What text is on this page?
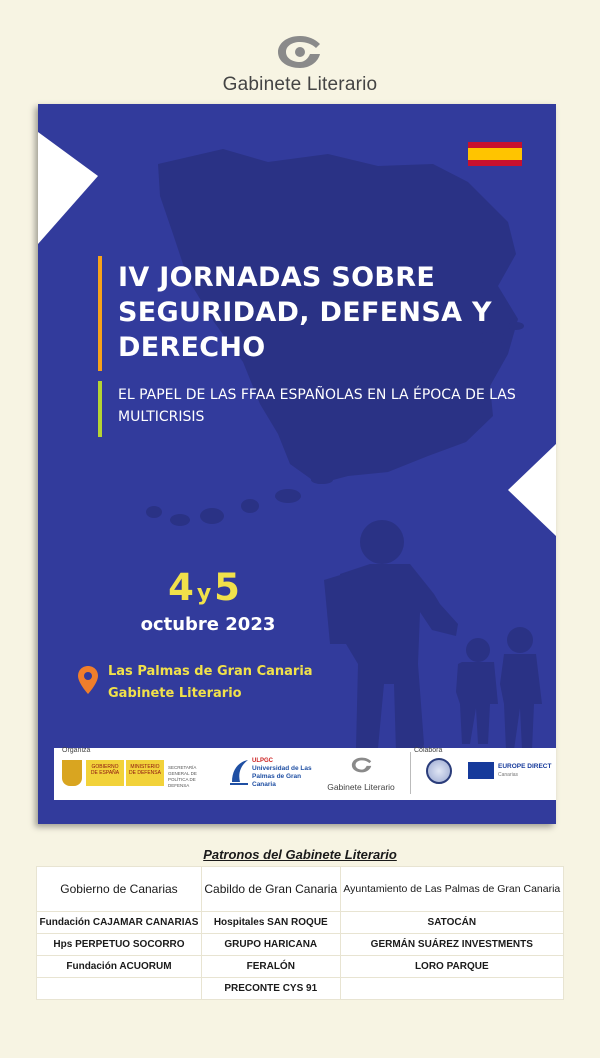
Gabinete Literario
IV JORNADAS SOBRE SEGURIDAD, DEFENSA Y DERECHO
EL PAPEL DE LAS FFAA ESPAÑOLAS EN LA ÉPOCA DE LAS MULTICRISIS
4 y5
octubre 2023
Las Palmas de Gran Canaria
Gabinete Literario
Organiza	Colabora
GOBIERNO
DE ESPAÑA
MINISTERIO
DE DEFENSA
SECRETARÍA GENERAL DE POLÍTICA DE DEFENSA
ULPGC
Universidad de Las Palmas de Gran Canaria	Gabinete Literario
EUROPE DIRECT
Canarias
Patronos del Gabinete Literario
Gobierno de Canarias	Cabildo de Gran Canaria	Ayuntamiento de Las Palmas de Gran Canaria
Fundación CAJAMAR CANARIAS	Hospitales SAN ROQUE	SATOCÁN
Hps PERPETUO SOCORRO	GRUPO HARICANA	GERMÁN SUÁREZ INVESTMENTS
Fundación ACUORUM	FERALÓN	LORO PARQUE
	PRECONTE CYS 91	
